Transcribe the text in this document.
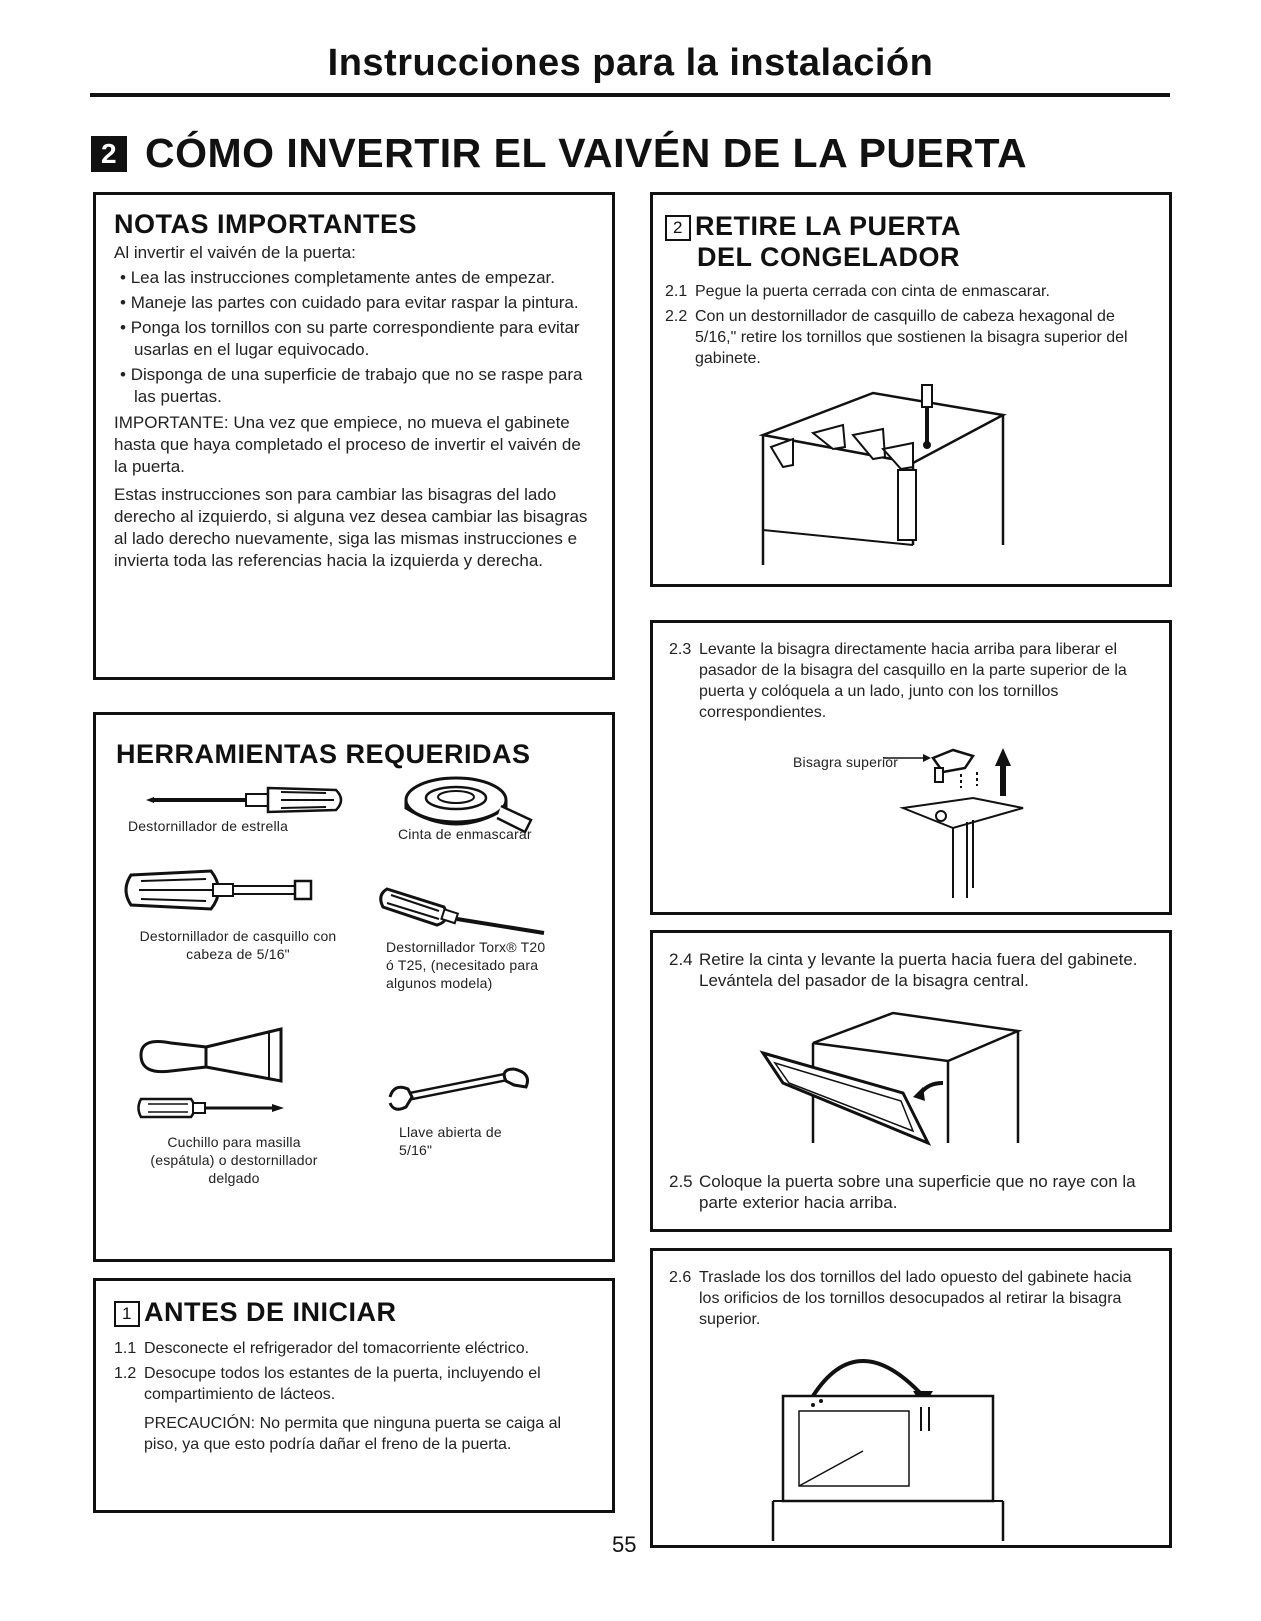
Instrucciones para la instalación
2 CÓMO INVERTIR EL VAIVÉN DE LA PUERTA
NOTAS IMPORTANTES
Al invertir el vaivén de la puerta:
• Lea las instrucciones completamente antes de empezar.
• Maneje las partes con cuidado para evitar raspar la pintura.
• Ponga los tornillos con su parte correspondiente para evitar usarlas en el lugar equivocado.
• Disponga de una superficie de trabajo que no se raspe para las puertas.
IMPORTANTE: Una vez que empiece, no mueva el gabinete hasta que haya completado el proceso de invertir el vaivén de la puerta.
Estas instrucciones son para cambiar las bisagras del lado derecho al izquierdo, si alguna vez desea cambiar las bisagras al lado derecho nuevamente, siga las mismas instrucciones e invierta toda las referencias hacia la izquierda y derecha.
HERRAMIENTAS REQUERIDAS
Destornillador de estrella	Cinta de enmascarar
Destornillador de casquillo con cabeza de 5/16"	Destornillador Torx® T20 ó T25, (necesitado para algunos modela)
Cuchillo para masilla (espátula) o destornillador delgado
Llave abierta de 5/16"
1 ANTES DE INICIAR
1.1 Desconecte el refrigerador del tomacorriente eléctrico.
1.2 Desocupe todos los estantes de la puerta, incluyendo el compartimiento de lácteos.
PRECAUCIÓN: No permita que ninguna puerta se caiga al piso, ya que esto podría dañar el freno de la puerta.
2 RETIRE LA PUERTA
DEL CONGELADOR
2.1 Pegue la puerta cerrada con cinta de enmascarar.
2.2 Con un destornillador de casquillo de cabeza hexagonal de 5/16," retire los tornillos que sostienen la bisagra superior del gabinete.
2.3 Levante la bisagra directamente hacia arriba para liberar el pasador de la bisagra del casquillo en la parte superior de la puerta y colóquela a un lado, junto con los tornillos correspondientes.
Bisagra superior
2.4 Retire la cinta y levante la puerta hacia fuera del gabinete. Levántela del pasador de la bisagra central.
2.5 Coloque la puerta sobre una superficie que no raye con la parte exterior hacia arriba.
2.6 Traslade los dos tornillos del lado opuesto del gabinete hacia los orificios de los tornillos desocupados al retirar la bisagra superior.
55
